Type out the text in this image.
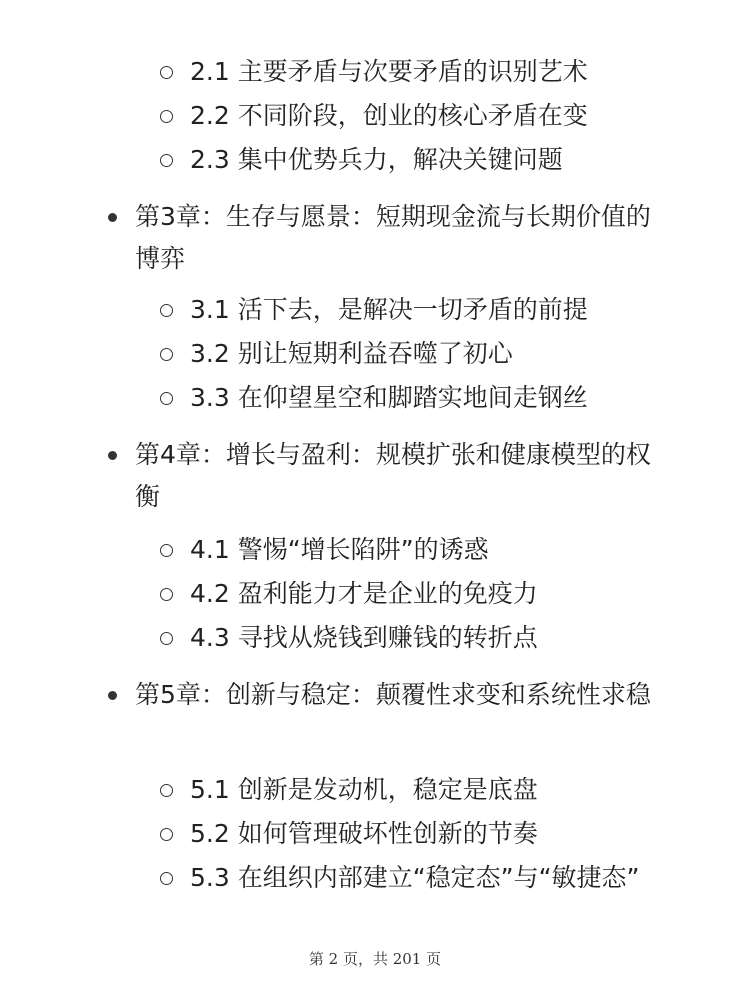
2.1 主要矛盾与次要矛盾的识别艺术
2.2 不同阶段，创业的核心矛盾在变
2.3 集中优势兵力，解决关键问题
第3章：生存与愿景：短期现金流与长期价值的博弈
3.1 活下去，是解决一切矛盾的前提
3.2 别让短期利益吞噬了初心
3.3 在仰望星空和脚踏实地间走钢丝
第4章：增长与盈利：规模扩张和健康模型的权衡
4.1 警惕“增长陷阱”的诱惑
4.2 盈利能力才是企业的免疫力
4.3 寻找从烧钱到赚钱的转折点
第5章：创新与稳定：颠覆性求变和系统性求稳
5.1 创新是发动机，稳定是底盘
5.2 如何管理破坏性创新的节奏
5.3 在组织内部建立“稳定态”与“敏捷态”
第 2 页，共 201 页
